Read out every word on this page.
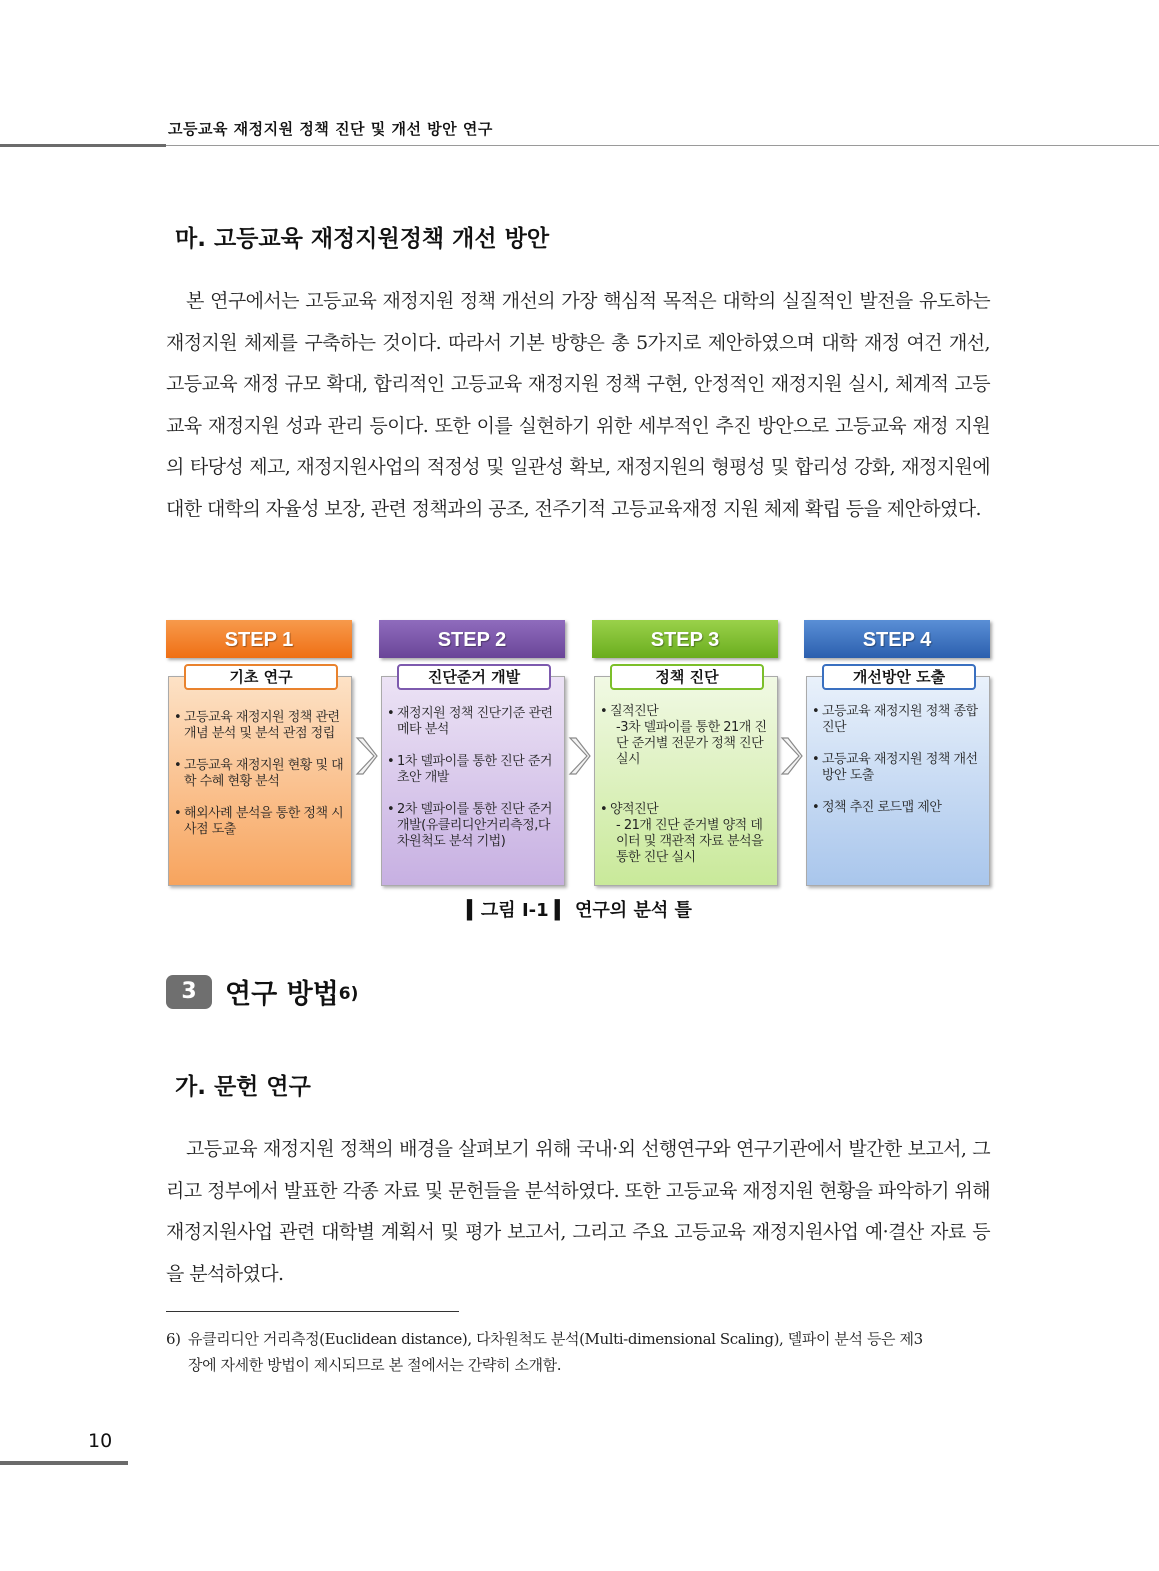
고등교육 재정지원 정책 진단 및 개선 방안 연구
마. 고등교육 재정지원정책 개선 방안

본 연구에서는 고등교육 재정지원 정책 개선의 가장 핵심적 목적은 대학의 실질적인 발전을 유도하는 재정지원 체제를 구축하는 것이다. 따라서 기본 방향은 총 5가지로 제안하였으며 대학 재정 여건 개선, 고등교육 재정 규모 확대, 합리적인 고등교육 재정지원 정책 구현, 안정적인 재정지원 실시, 체계적 고등교육 재정지원 성과 관리 등이다. 또한 이를 실현하기 위한 세부적인 추진 방안으로 고등교육 재정 지원의 타당성 제고, 재정지원사업의 적정성 및 일관성 확보, 재정지원의 형평성 및 합리성 강화, 재정지원에 대한 대학의 자율성 보장, 관련 정책과의 공조, 전주기적 고등교육재정 지원 체제 확립 등을 제안하였다.

STEP 1
기초 연구
• 고등교육 재정지원 정책 관련 개념 분석 및 분석 관점 정립
• 고등교육 재정지원 현황 및 대학 수혜 현황 분석
• 해외사례 분석을 통한 정책 시사점 도출
STEP 2
진단준거 개발
• 재정지원 정책 진단기준 관련 메타 분석
• 1차 델파이를 통한 진단 준거 초안 개발
• 2차 델파이를 통한 진단 준거개발(유클리디안거리측정,다차원척도 분석 기법)
STEP 3
정책 진단
• 질적진단
-3차 델파이를 통한 21개 진단 준거별 전문가 정책 진단 실시
• 양적진단
- 21개 진단 준거별 양적 데이터 및 객관적 자료 분석을 통한 진단 실시
STEP 4
개선방안 도출
• 고등교육 재정지원 정책 종합 진단
• 고등교육 재정지원 정책 개선방안 도출
• 정책 추진 로드맵 제안
▍그림 Ⅰ-1 ▍ 연구의 분석 틀
3	연구 방법$^{6)}$
가. 문헌 연구

고등교육 재정지원 정책의 배경을 살펴보기 위해 국내·외 선행연구와 연구기관에서 발간한 보고서, 그리고 정부에서 발표한 각종 자료 및 문헌들을 분석하였다. 또한 고등교육 재정지원 현황을 파악하기 위해 재정지원사업 관련 대학별 계획서 및 평가 보고서, 그리고 주요 고등교육 재정지원사업 예·결산 자료 등을 분석하였다.

6) 유클리디안 거리측정(Euclidean distance), 다차원척도 분석(Multi-dimensional Scaling), 델파이 분석 등은 제3
장에 자세한 방법이 제시되므로 본 절에서는 간략히 소개함.
10
